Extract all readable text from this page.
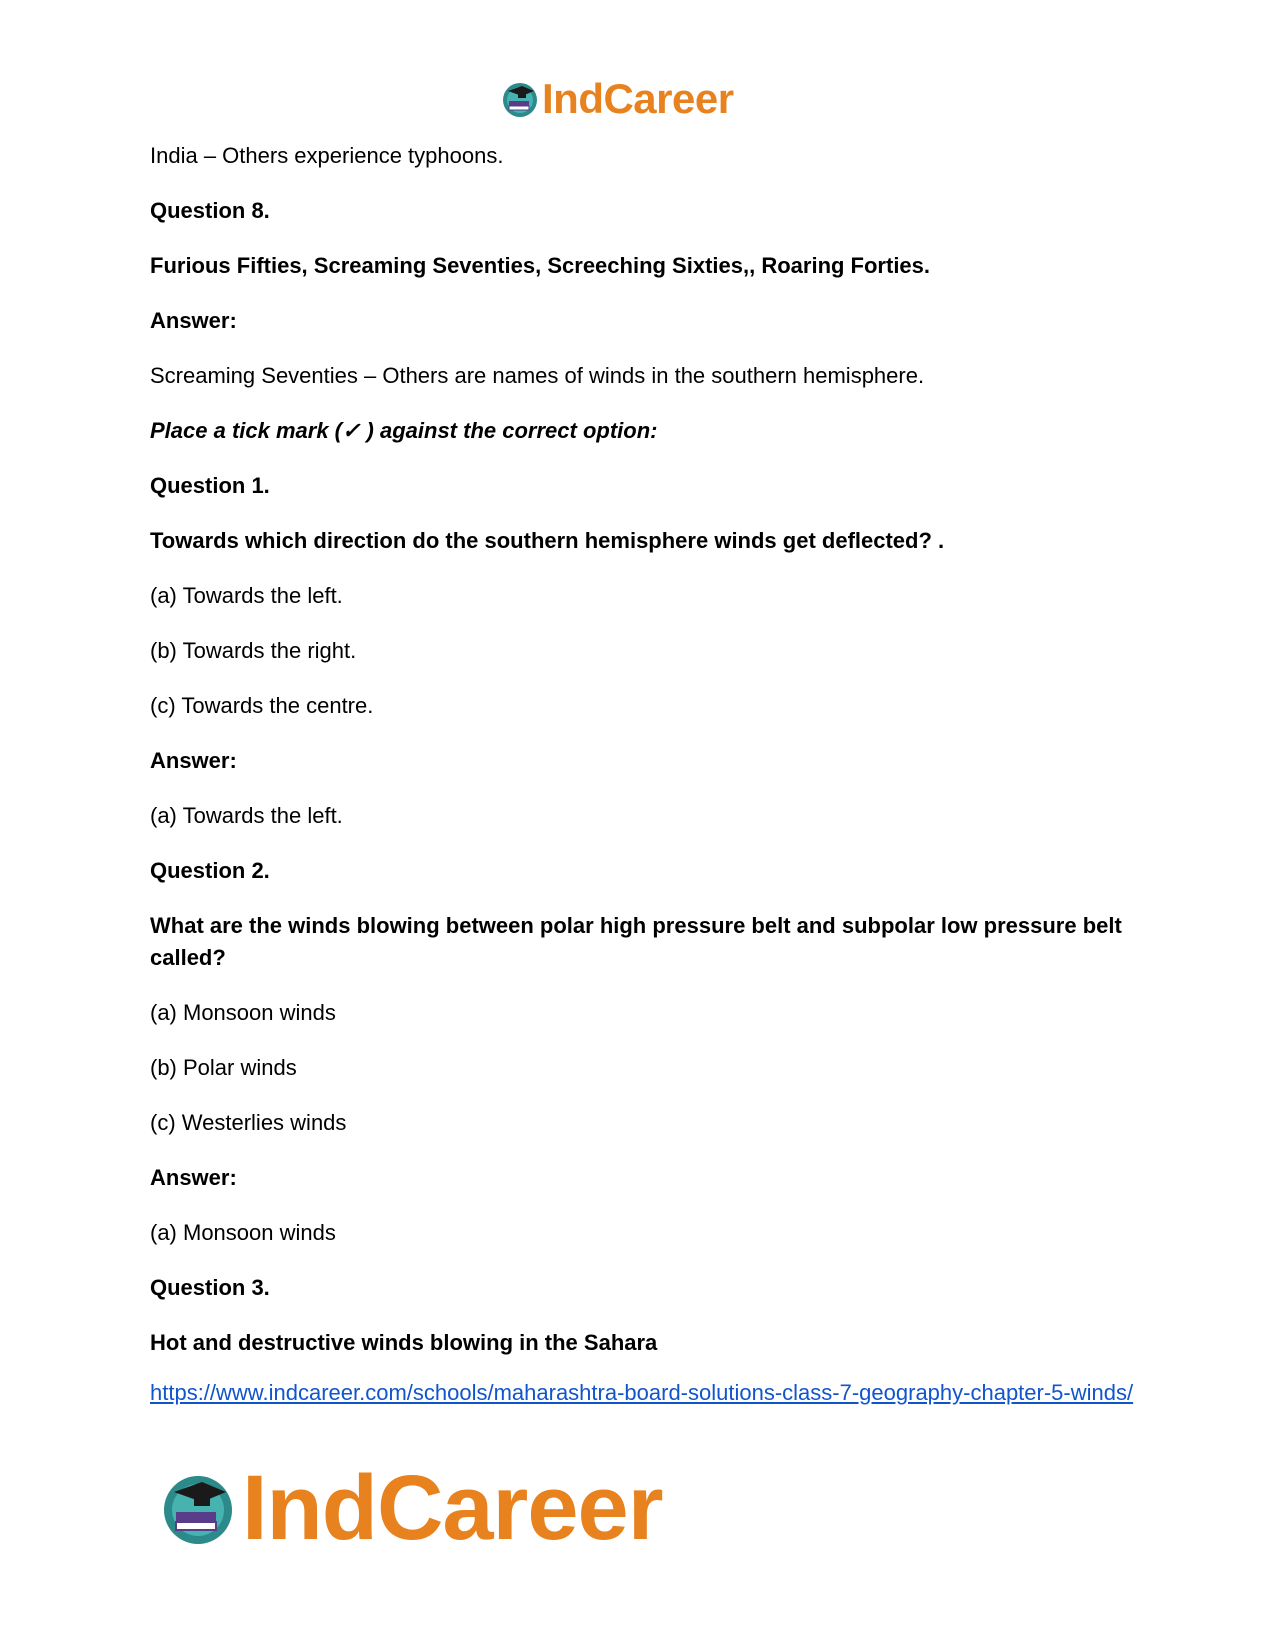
IndCareer

India – Others experience typhoons.

Question 8.

Furious Fifties, Screaming Seventies, Screeching Sixties,, Roaring Forties.

Answer:

Screaming Seventies – Others are names of winds in the southern hemisphere.

Place a tick mark (✓ ) against the correct option:

Question 1.

Towards which direction do the southern hemisphere winds get deflected? .

(a) Towards the left.

(b) Towards the right.

(c) Towards the centre.

Answer:

(a) Towards the left.

Question 2.

What are the winds blowing between polar high pressure belt and subpolar low pressure belt called?

(a) Monsoon winds

(b) Polar winds

(c) Westerlies winds

Answer:

(a) Monsoon winds

Question 3.

Hot and destructive winds blowing in the Sahara

https://www.indcareer.com/schools/maharashtra-board-solutions-class-7-geography-chapter-5-winds/
IndCareer
